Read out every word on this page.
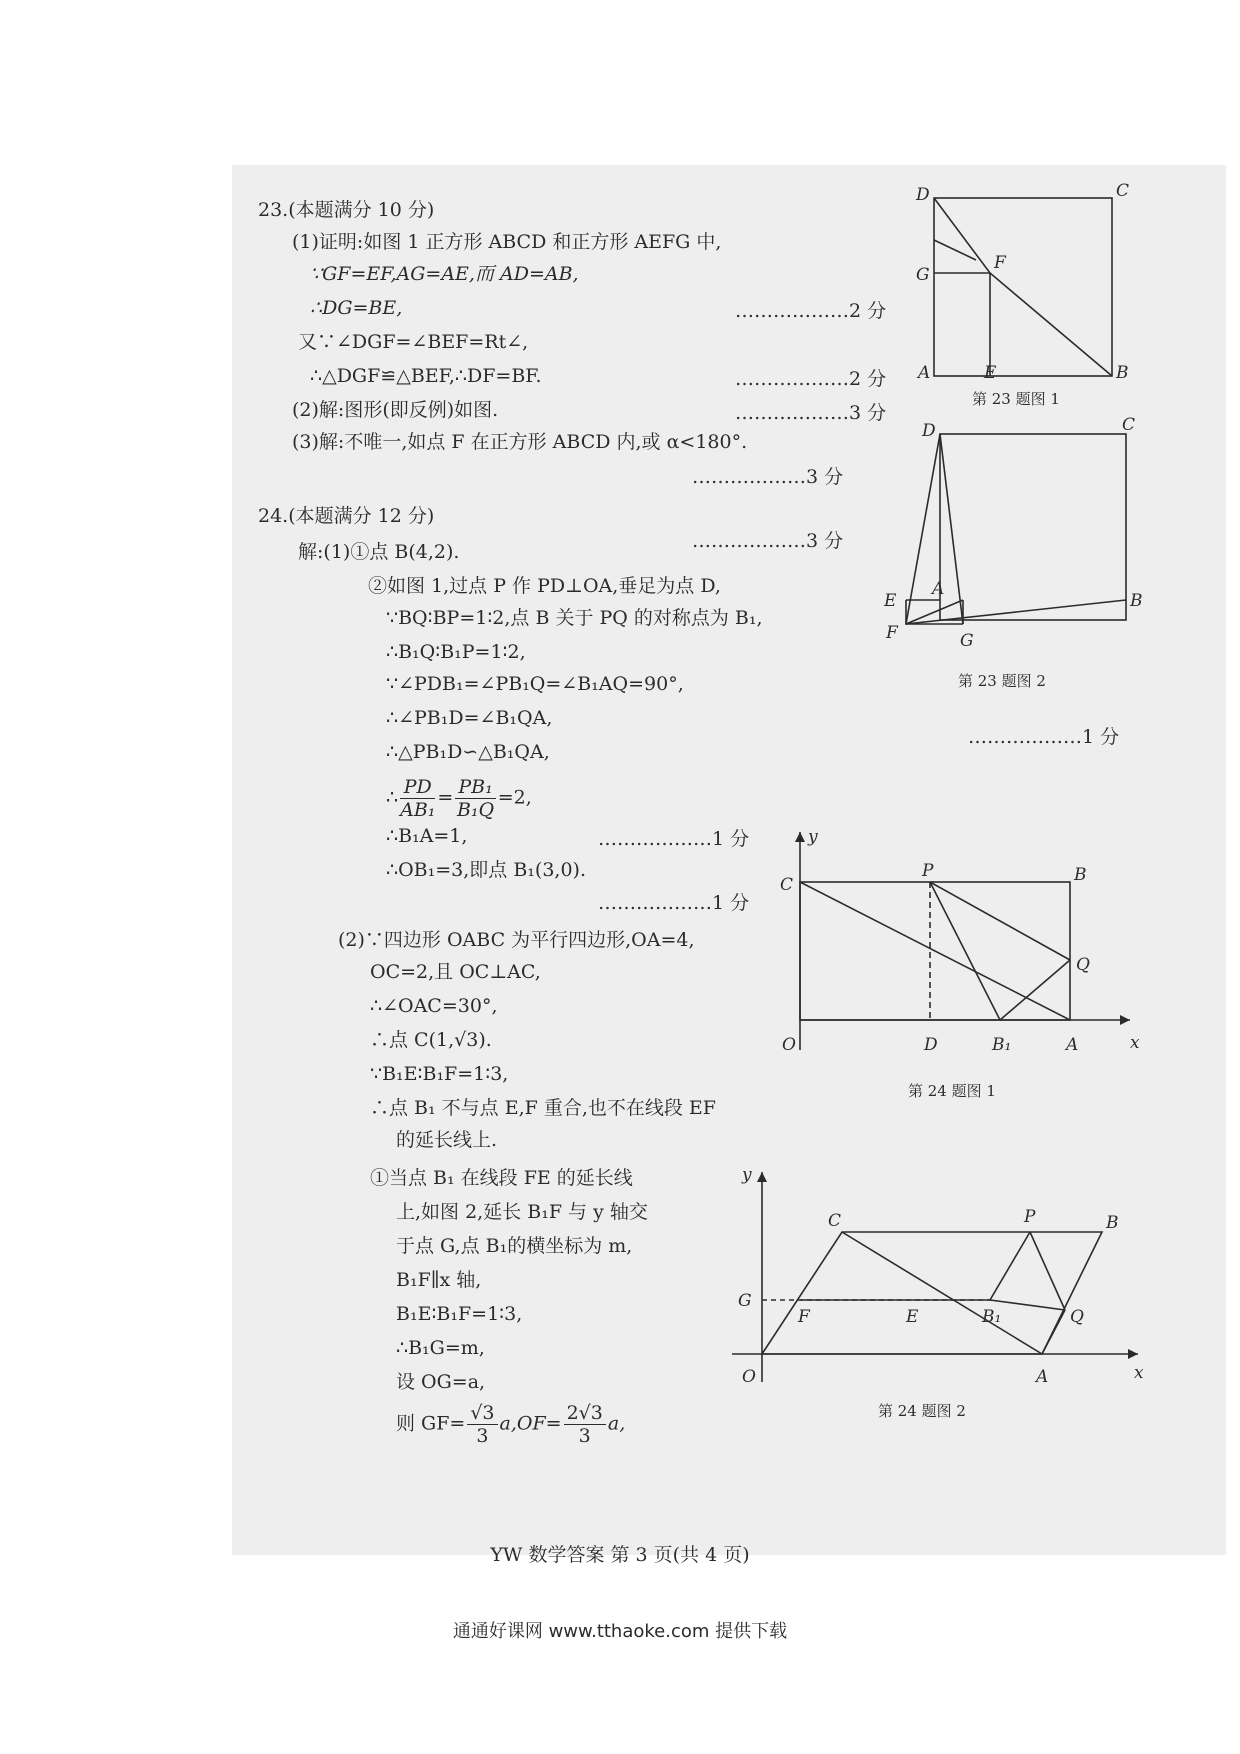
23.(本题满分 10 分)
(1)证明:如图 1 正方形 ABCD 和正方形 AEFG 中,
∵GF=EF,AG=AE,而 AD=AB,
∴DG=BE,
又∵∠DGF=∠BEF=Rt∠,
∴△DGF≌△BEF,∴DF=BF.
(2)解:图形(即反例)如图.
(3)解:不唯一,如点 F 在正方形 ABCD 内,或 α<180°.
………………2 分
………………2 分
………………3 分
………………3 分
24.(本题满分 12 分)
………………3 分
解:(1)①点 B(4,2).
②如图 1,过点 P 作 PD⊥OA,垂足为点 D,
∵BQ∶BP=1∶2,点 B 关于 PQ 的对称点为 B₁,
∴B₁Q∶B₁P=1∶2,
∵∠PDB₁=∠PB₁Q=∠B₁AQ=90°,
∴∠PB₁D=∠B₁QA,
∴△PB₁D∽△B₁QA,
∴ $\frac{PD}{\text{AB₁}} = \frac{\text{PB₁}}{\text{B₁Q}} =2$,
∴B₁A=1,	………………1 分
∴OB₁=3,即点 B₁(3,0).
………………1 分
(2)∵四边形 OABC 为平行四边形,OA=4,
OC=2,且 OC⊥AC,
∴∠OAC=30°,
∴点 C(1,√3).
∵B₁E∶B₁F=1∶3,
∴点 B₁ 不与点 E,F 重合,也不在线段 EF
的延长线上.
①当点 B₁ 在线段 FE 的延长线
上,如图 2,延长 B₁F 与 y 轴交
于点 G,点 B₁的横坐标为 m,
B₁F∥x 轴,
B₁E∶B₁F=1∶3,
∴B₁G=m,
设 OG=a,
则 $GF= \frac{√3}{3} a,OF= \frac{2√3}{3} a$,
………………1 分
D	C
G
F
A	E	B
第 23 题图 1
D	C
E
A
B
F	G
第 23 题图 2
y
C
P	B
Q
O	D	B₁	A	x
第 24 题图 1
y
C	P	B
G
F	E	B₁	Q
O	A	x
第 24 题图 2
YW 数学答案 第 3 页(共 4 页)
通通好课网 www.tthaoke.com 提供下载
